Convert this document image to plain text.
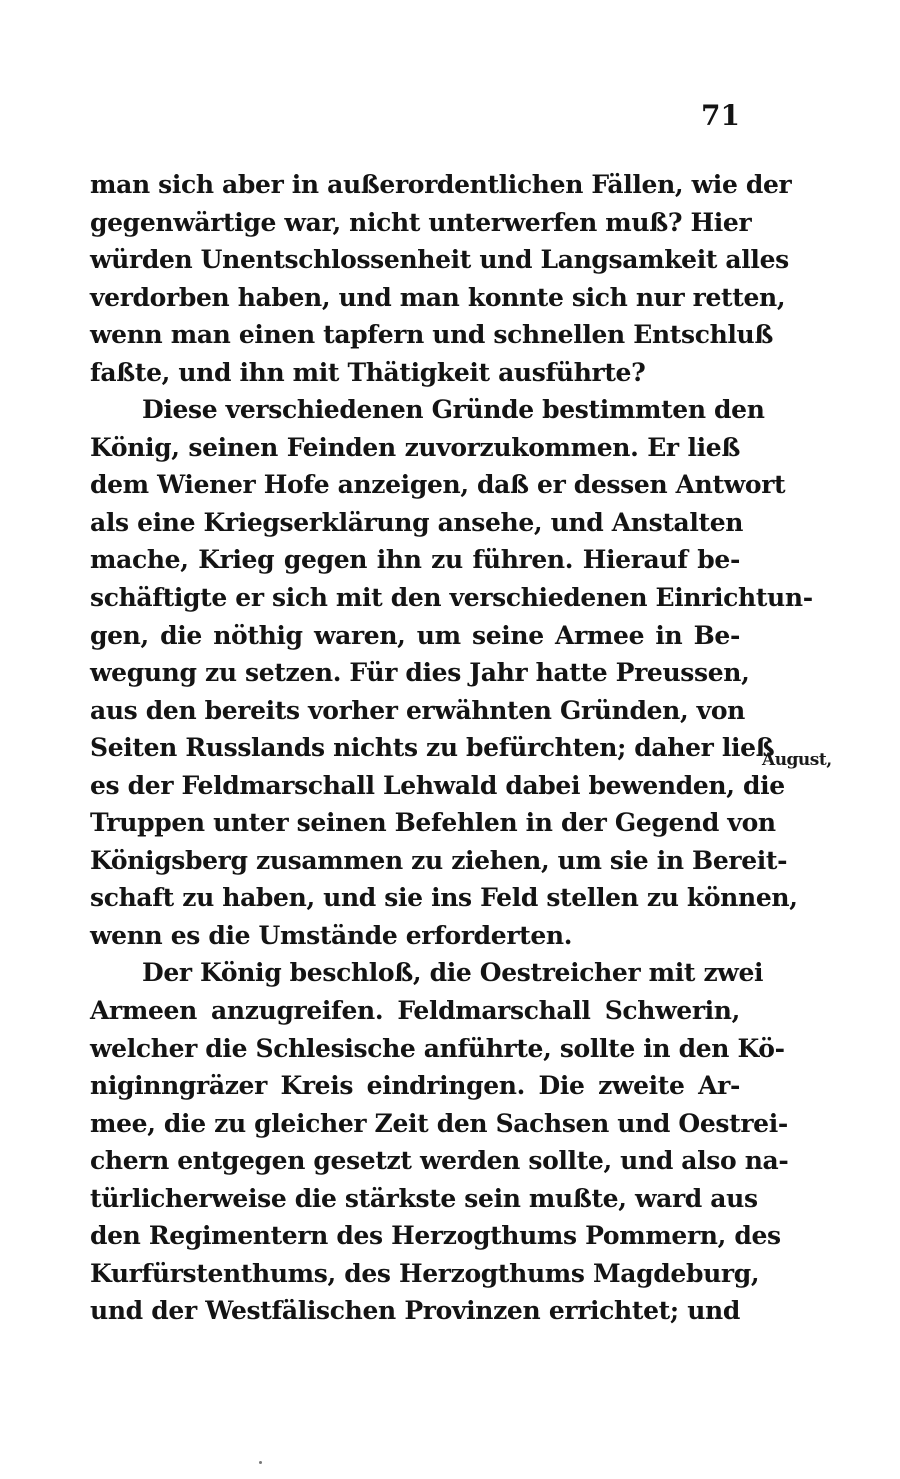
71
man sich aber in außerordentlichen Fällen, wie der
gegenwärtige war, nicht unterwerfen muß? Hier
würden Unentschlossenheit und Langsamkeit alles
verdorben haben, und man konnte sich nur retten,
wenn man einen tapfern und schnellen Entschluß
faßte, und ihn mit Thätigkeit ausführte?
Diese verschiedenen Gründe bestimmten den
König, seinen Feinden zuvorzukommen. Er ließ
dem Wiener Hofe anzeigen, daß er dessen Antwort
als eine Kriegserklärung ansehe, und Anstalten
mache, Krieg gegen ihn zu führen. Hierauf be-
schäftigte er sich mit den verschiedenen Einrichtun-
gen, die nöthig waren, um seine Armee in Be-
wegung zu setzen. Für dies Jahr hatte Preussen,
aus den bereits vorher erwähnten Gründen, von
Seiten Russlands nichts zu befürchten; daher ließ
es der Feldmarschall Lehwald dabei bewenden, die
Truppen unter seinen Befehlen in der Gegend von
Königsberg zusammen zu ziehen, um sie in Bereit-
schaft zu haben, und sie ins Feld stellen zu können,
wenn es die Umstände erforderten.
Der König beschloß, die Oestreicher mit zwei
Armeen anzugreifen. Feldmarschall Schwerin,
welcher die Schlesische anführte, sollte in den Kö-
niginngräzer Kreis eindringen. Die zweite Ar-
mee, die zu gleicher Zeit den Sachsen und Oestrei-
chern entgegen gesetzt werden sollte, und also na-
türlicherweise die stärkste sein mußte, ward aus
den Regimentern des Herzogthums Pommern, des
Kurfürstenthums, des Herzogthums Magdeburg,
und der Westfälischen Provinzen errichtet; und
August,
